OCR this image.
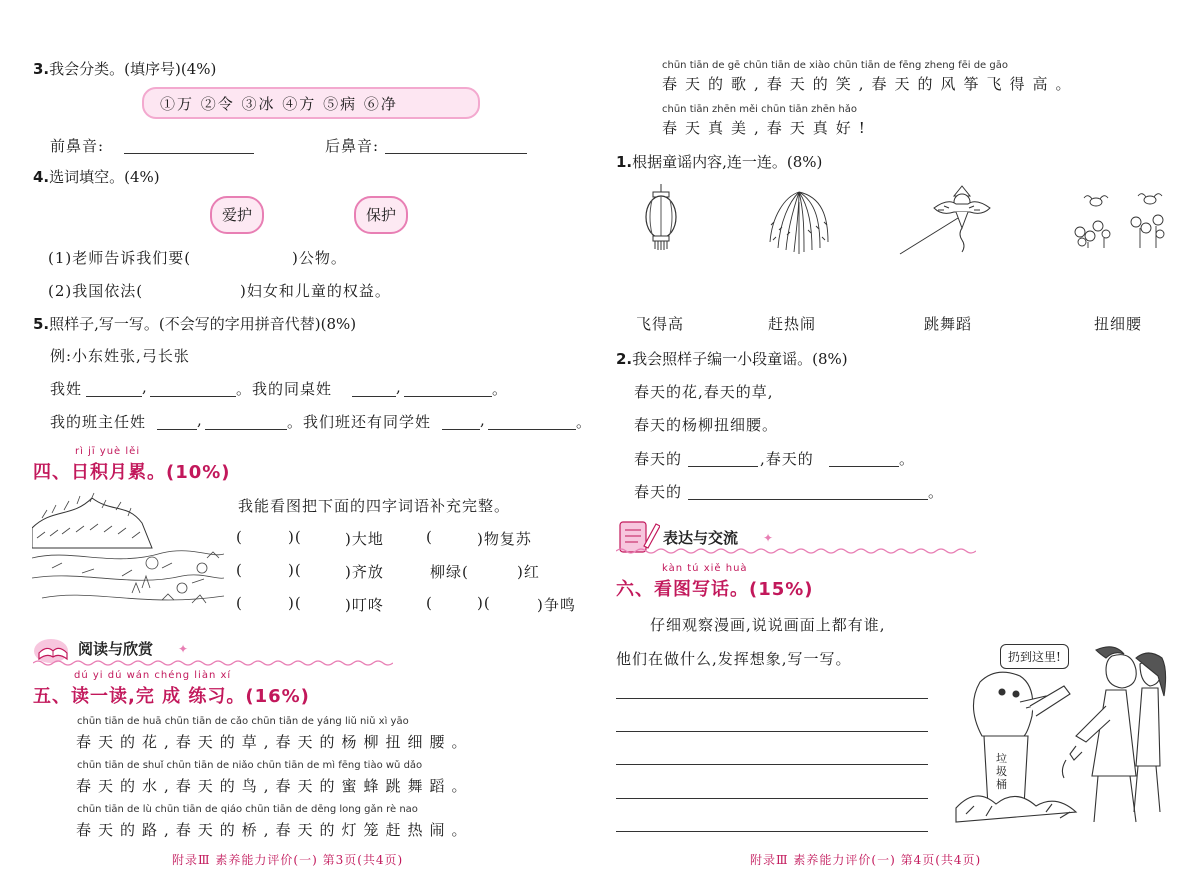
3.我会分类。(填序号)(4%)
①万 ②令 ③冰 ④方 ⑤病 ⑥净
前鼻音:	后鼻音:
4.选词填空。(4%)
爱护	保护
(1)老师告诉我们要(	)公物。
(2)我国依法(	)妇女和儿童的权益。
5.照样子,写一写。(不会写的字用拼音代替)(8%)
例:小东姓张,弓长张
我姓	,	。我的同桌姓	,	。
我的班主任姓	,	。我们班还有同学姓	,	。
rì jī yuè lěi
四、日积月累。(10%)
我能看图把下面的四字词语补充完整。
(	)(	)大地	(	)物复苏
(	)(	)齐放	柳绿(	)红
(	)(	)叮咚	(	)(	)争鸣
阅读与欣赏 ✦
dú yi dú wán chéng liàn xí
五、读一读,完 成 练习。(16%)
chūn tiān de huā chūn tiān de cǎo chūn tiān de yáng liǔ niǔ xì yāo
春天的花,春天的草,春天的杨柳扭细腰。
chūn tiān de shuǐ chūn tiān de niǎo chūn tiān de mì fēng tiào wǔ dǎo
春天的水,春天的鸟,春天的蜜蜂跳舞蹈。
chūn tiān de lù chūn tiān de qiáo chūn tiān de dēng long gǎn rè nao
春天的路,春天的桥,春天的灯笼赶热闹。
附录Ⅲ 素养能力评价(一) 第3页(共4页)
chūn tiān de gē chūn tiān de xiào chūn tiān de fēng zheng fēi de gāo
春天的歌,春天的笑,春天的风筝飞得高。
chūn tiān zhēn měi chūn tiān zhēn hǎo
春天真美,春天真好!
1.根据童谣内容,连一连。(8%)
飞得高	赶热闹	跳舞蹈	扭细腰
2.我会照样子编一小段童谣。(8%)
春天的花,春天的草,
春天的杨柳扭细腰。
春天的	,春天的	。
春天的	。
表达与交流 ✦
kàn tú xiě huà
六、看图写话。(15%)
仔细观察漫画,说说画面上都有谁,
他们在做什么,发挥想象,写一写。	扔到这里!
垃圾桶
附录Ⅲ 素养能力评价(一) 第4页(共4页)
